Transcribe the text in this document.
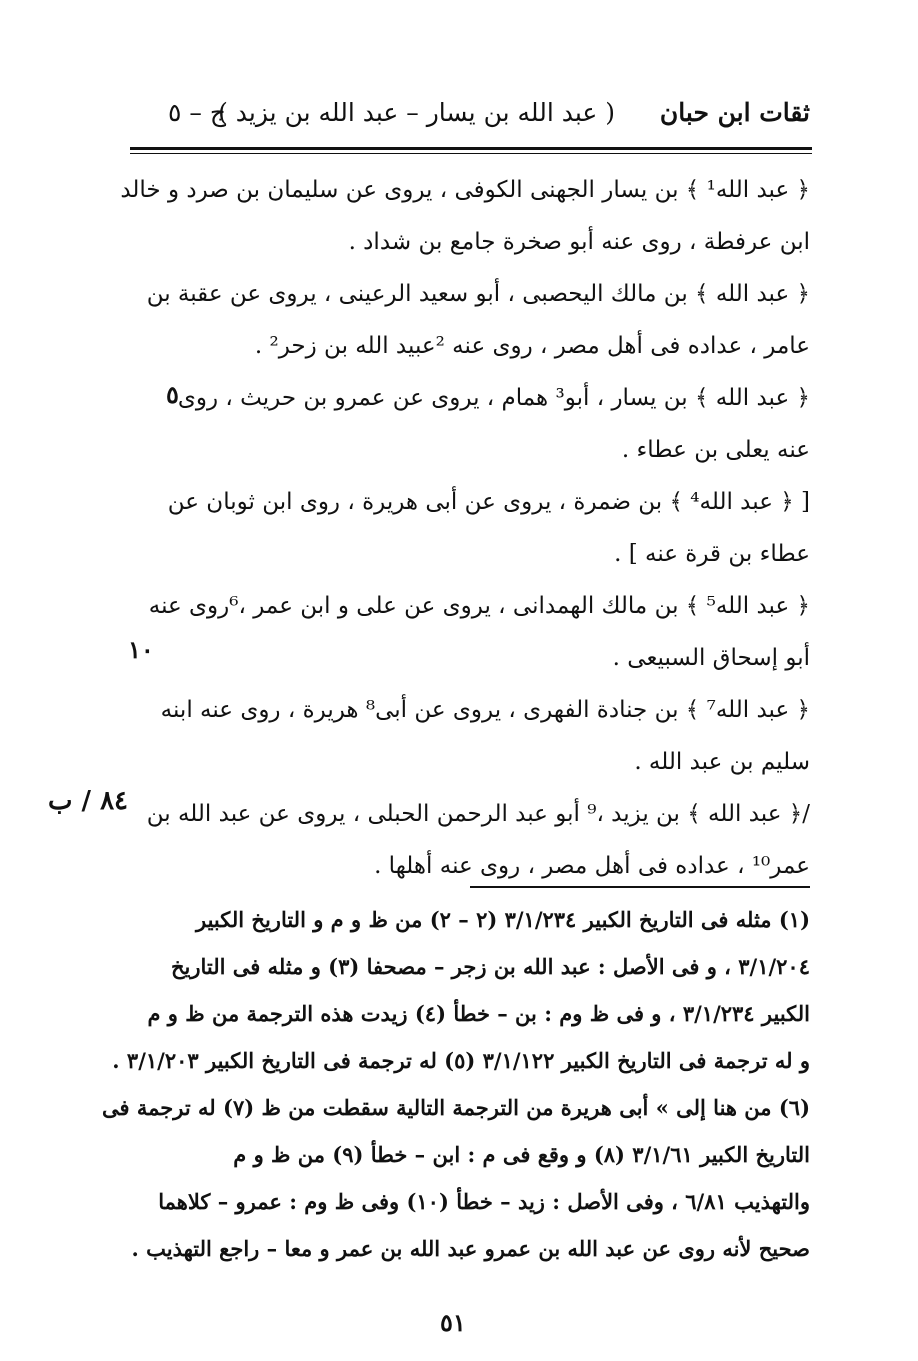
ثقات ابن حبان
( عبد الله بن يسار – عبد الله بن يزيد )
ج – ٥
﴿ عبد الله¹ ﴾ بن يسار الجهنى الكوفى ، يروى عن سليمان بن صرد و خالد
ابن عرفطة ، روى عنه أبو صخرة جامع بن شداد .
﴿ عبد الله ﴾ بن مالك اليحصبى ، أبو سعيد الرعينى ، يروى عن عقبة بن
عامر ، عداده فى أهل مصر ، روى عنه ²عبيد الله بن زحر² .
﴿ عبد الله ﴾ بن يسار ، أبو³ همام ، يروى عن عمرو بن حريث ، روى
عنه يعلى بن عطاء .
[ ﴿ عبد الله⁴ ﴾ بن ضمرة ، يروى عن أبى هريرة ، روى ابن ثوبان عن
عطاء بن قرة عنه ] .
﴿ عبد الله⁵ ﴾ بن مالك الهمدانى ، يروى عن على و ابن عمر ،⁶روى عنه
أبو إسحاق السبيعى .
﴿ عبد الله⁷ ﴾ بن جنادة الفهرى ، يروى عن أبى⁸ هريرة ، روى عنه ابنه
سليم بن عبد الله .
/﴿ عبد الله ﴾ بن يزيد ،⁹ أبو عبد الرحمن الحبلى ، يروى عن عبد الله بن
عمر¹⁰ ، عداده فى أهل مصر ، روى عنه أهلها .
٥
١٠
٨٤ / ب
(١) مثله فى التاريخ الكبير ٣/١/٢٣٤ (٢ – ٢) من ظ و م و التاريخ الكبير
٣/١/٢٠٤ ، و فى الأصل : عبد الله بن زجر – مصحفا (٣) و مثله فى التاريخ
الكبير ٣/١/٢٣٤ ، و فى ظ وم : بن – خطأ (٤) زيدت هذه الترجمة من ظ و م
و له ترجمة فى التاريخ الكبير ٣/١/١٢٢ (٥) له ترجمة فى التاريخ الكبير ٣/١/٢٠٣ .
(٦) من هنا إلى » أبى هريرة من الترجمة التالية سقطت من ظ (٧) له ترجمة فى
التاريخ الكبير ٣/١/٦١ (٨) و وقع فى م : ابن – خطأ (٩) من ظ و م
والتهذيب ٦/٨١ ، وفى الأصل : زيد – خطأ (١٠) وفى ظ وم : عمرو – كلاهما
صحيح لأنه روى عن عبد الله بن عمرو عبد الله بن عمر و معا – راجع التهذيب .
٥١
